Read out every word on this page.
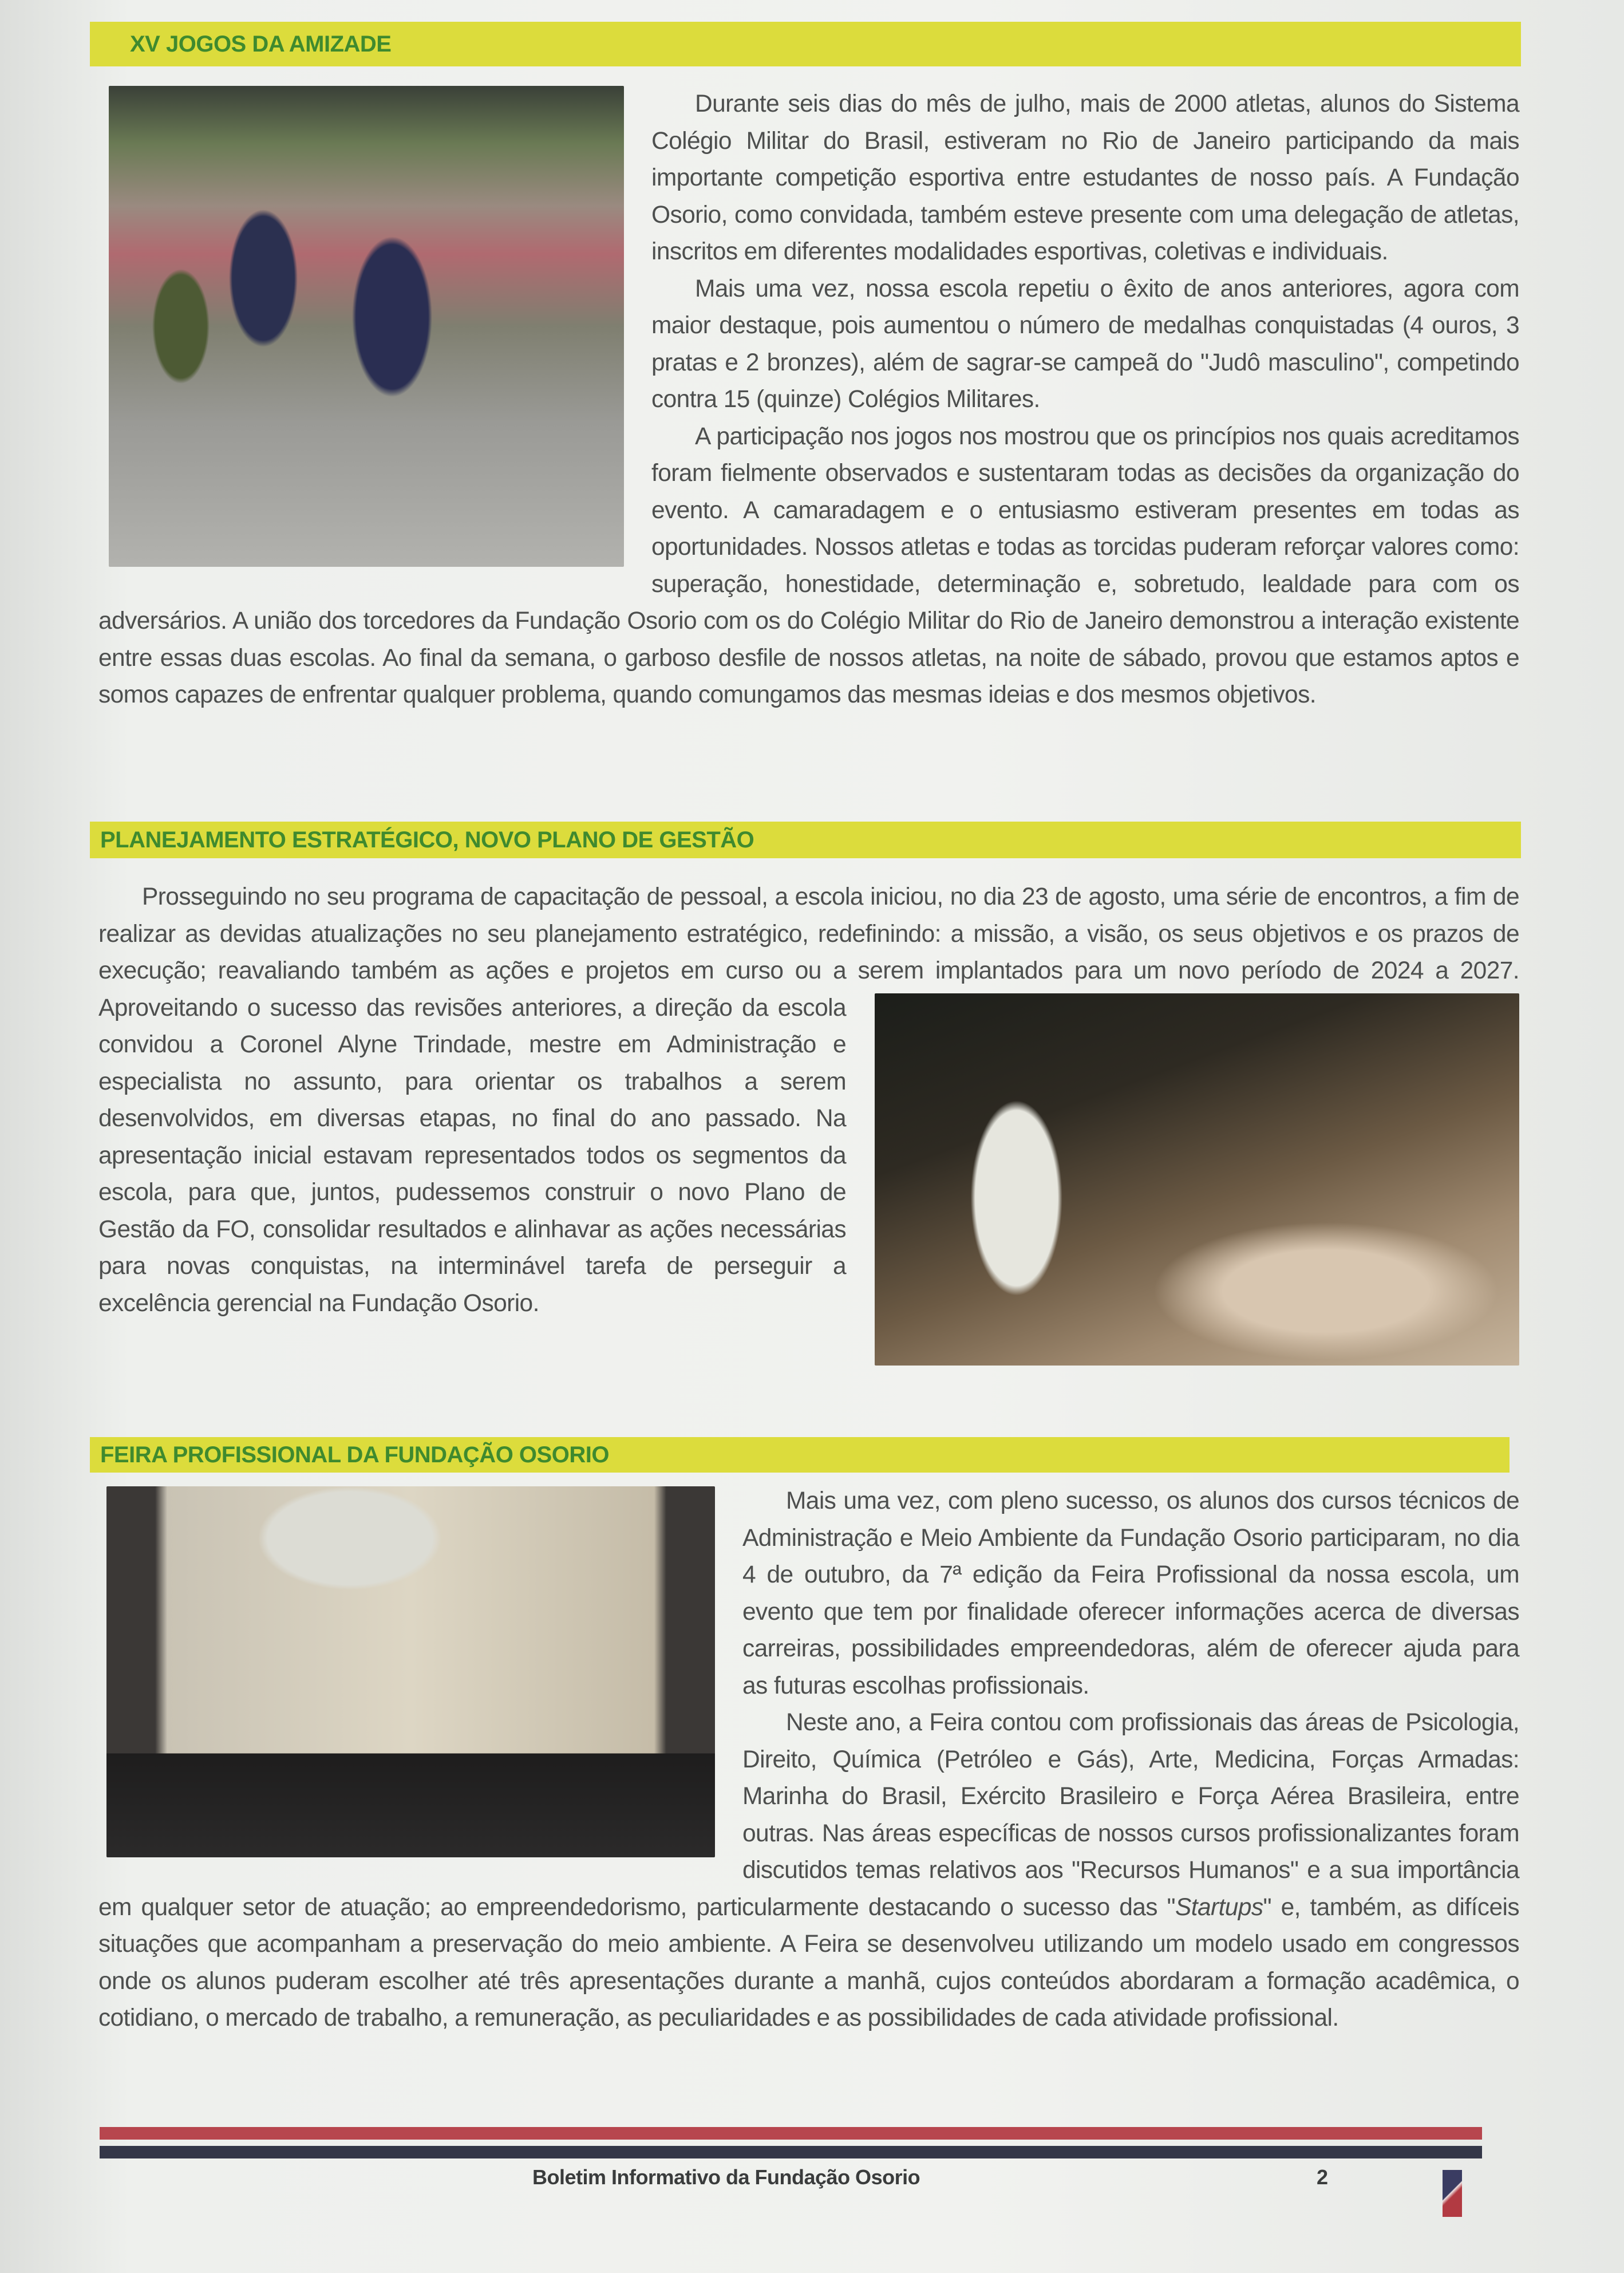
XV JOGOS DA AMIZADE

Durante seis dias do mês de julho, mais de 2000 atletas, alunos do Sistema Colégio Militar do Brasil, estiveram no Rio de Janeiro participando da mais importante competição esportiva entre estudantes de nosso país. A Fundação Osorio, como convidada, também esteve presente com uma delegação de atletas, inscritos em diferentes modalidades esportivas, coletivas e individuais.

Mais uma vez, nossa escola repetiu o êxito de anos anteriores, agora com maior destaque, pois aumentou o número de medalhas conquistadas (4 ouros, 3 pratas e 2 bronzes), além de sagrar-se campeã do "Judô masculino", competindo contra 15 (quinze) Colégios Militares.

A participação nos jogos nos mostrou que os princípios nos quais acreditamos foram fielmente observados e sustentaram todas as decisões da organização do evento. A camaradagem e o entusiasmo estiveram presentes em todas as oportunidades. Nossos atletas e todas as torcidas puderam reforçar valores como: superação, honestidade, determinação e, sobretudo, lealdade para com os adversários. A união dos torcedores da Fundação Osorio com os do Colégio Militar do Rio de Janeiro demonstrou a interação existente entre essas duas escolas. Ao final da semana, o garboso desfile de nossos atletas, na noite de sábado, provou que estamos aptos e somos capazes de enfrentar qualquer problema, quando comungamos das mesmas ideias e dos mesmos objetivos.

PLANEJAMENTO ESTRATÉGICO, NOVO PLANO DE GESTÃO

Prosseguindo no seu programa de capacitação de pessoal, a escola iniciou, no dia 23 de agosto, uma série de encontros, a fim de realizar as devidas atualizações no seu planejamento estratégico, redefinindo: a missão, a visão, os seus objetivos e os prazos de execução; reavaliando também as ações e projetos em curso ou a serem implantados
para um novo período de 2024 a 2027. Aproveitando o sucesso das revisões anteriores, a direção da escola convidou a Coronel Alyne Trindade, mestre em Administração e especialista no assunto, para orientar os trabalhos a serem desenvolvidos, em diversas etapas, no final do ano passado. Na apresentação inicial estavam representados todos os segmentos da escola, para que, juntos, pudessemos construir o novo Plano de Gestão da FO, consolidar resultados e alinhavar as ações necessárias para novas conquistas, na interminável tarefa de perseguir a excelência gerencial na Fundação Osorio.

FEIRA PROFISSIONAL DA FUNDAÇÃO OSORIO

Mais uma vez, com pleno sucesso, os alunos dos cursos técnicos de Administração e Meio Ambiente da Fundação Osorio participaram, no dia 4 de outubro, da 7ª edição da Feira Profissional da nossa escola, um evento que tem por finalidade oferecer informações acerca de diversas carreiras, possibilidades empreendedoras, além de oferecer ajuda para as futuras escolhas profissionais.

Neste ano, a Feira contou com profissionais das áreas de Psicologia, Direito, Química (Petróleo e Gás), Arte, Medicina, Forças Armadas: Marinha do Brasil, Exército Brasileiro e Força Aérea Brasileira, entre outras. Nas áreas específicas de nossos cursos profissionalizantes foram discutidos temas relativos aos "Recursos Humanos" e a sua importância em qualquer setor de atuação; ao empreendedorismo, particularmente destacando o sucesso das "Startups" e, também, as difíceis situações que acompanham a preservação do meio ambiente. A Feira se desenvolveu utilizando um modelo usado em congressos onde os alunos puderam escolher até três apresentações durante a manhã, cujos conteúdos abordaram a formação acadêmica, o cotidiano, o mercado de trabalho, a remuneração, as peculiaridades e as possibilidades de cada atividade profissional.

Boletim Informativo da Fundação Osorio	2
